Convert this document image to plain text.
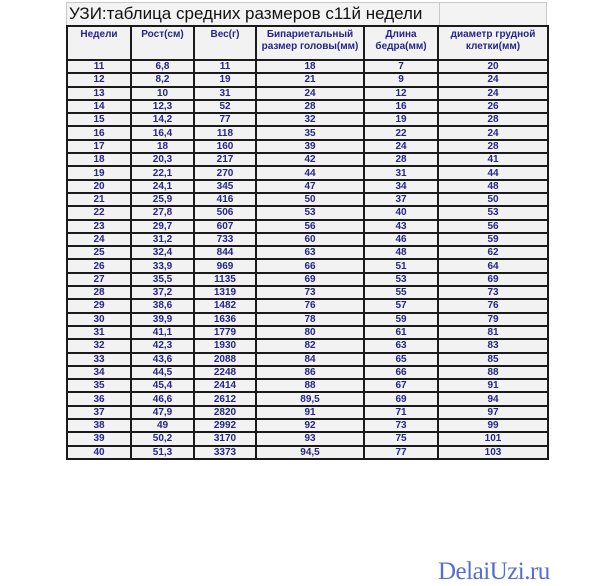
УЗИ:таблица средних размеров с11й недели
Недели	Рост(см)	Вес(г)	Бипариетальный размер головы(мм)	Длина бедра(мм)	диаметр грудной клетки(мм)
11	6,8	11	18	7	20
12	8,2	19	21	9	24
13	10	31	24	12	24
14	12,3	52	28	16	26
15	14,2	77	32	19	28
16	16,4	118	35	22	24
17	18	160	39	24	28
18	20,3	217	42	28	41
19	22,1	270	44	31	44
20	24,1	345	47	34	48
21	25,9	416	50	37	50
22	27,8	506	53	40	53
23	29,7	607	56	43	56
24	31,2	733	60	46	59
25	32,4	844	63	48	62
26	33,9	969	66	51	64
27	35,5	1135	69	53	69
28	37,2	1319	73	55	73
29	38,6	1482	76	57	76
30	39,9	1636	78	59	79
31	41,1	1779	80	61	81
32	42,3	1930	82	63	83
33	43,6	2088	84	65	85
34	44,5	2248	86	66	88
35	45,4	2414	88	67	91
36	46,6	2612	89,5	69	94
37	47,9	2820	91	71	97
38	49	2992	92	73	99
39	50,2	3170	93	75	101
40	51,3	3373	94,5	77	103
DelaiUzi.ru
